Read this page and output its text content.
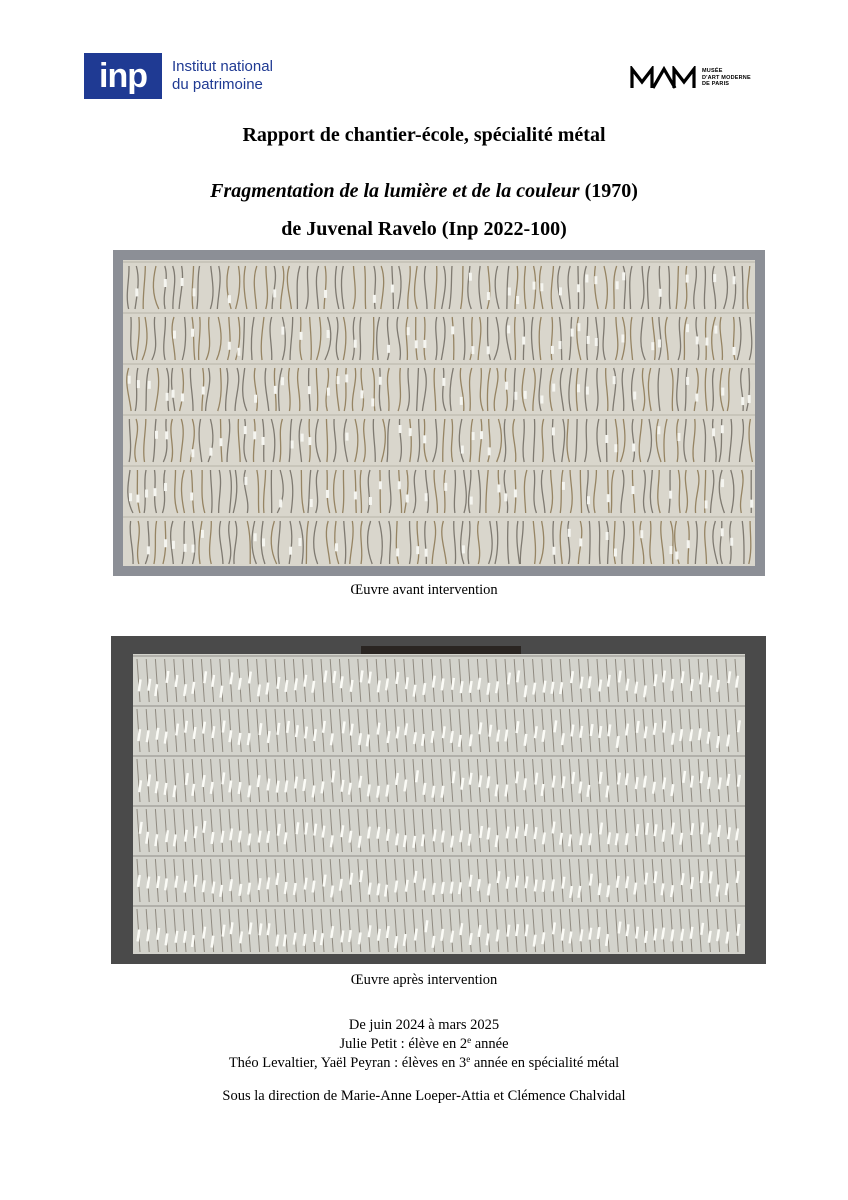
inp	Institut national
du patrimoine
MUSÉE
D'ART MODERNE
DE PARIS
Rapport de chantier-école, spécialité métal
Fragmentation de la lumière et de la couleur (1970)
de Juvenal Ravelo (Inp 2022-100)
Œuvre avant intervention
Œuvre après intervention
De juin 2024 à mars 2025
Julie Petit : élève en 2e année
Théo Levaltier, Yaël Peyran : élèves en 3e année en spécialité métal
Sous la direction de Marie-Anne Loeper-Attia et Clémence Chalvidal
